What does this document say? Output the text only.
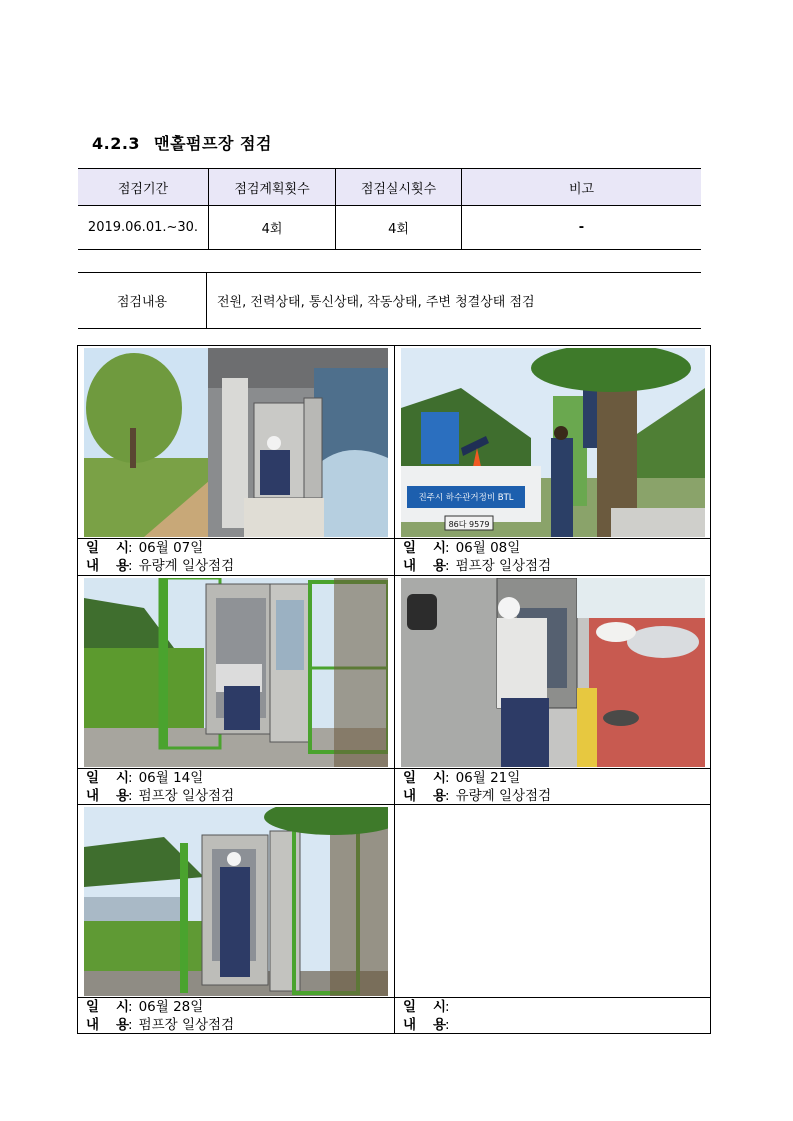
4.2.3 맨홀펌프장 점검
점검기간	점검계획횟수	점검실시횟수	비고
2019.06.01.~30.	4회	4회	-
점검내용	전원, 전력상태, 통신상태, 작동상태, 주변 청결상태 점검
일 시: 06월 07일
내 용: 유량계 일상점검
진주시 하수관거정비 BTL
86다 9579
일 시: 06월 08일
내 용: 펌프장 일상점검
일 시: 06월 14일
내 용: 펌프장 일상점검
일 시: 06월 21일
내 용: 유량계 일상점검
일 시: 06월 28일
내 용: 펌프장 일상점검
일 시:
내 용:
